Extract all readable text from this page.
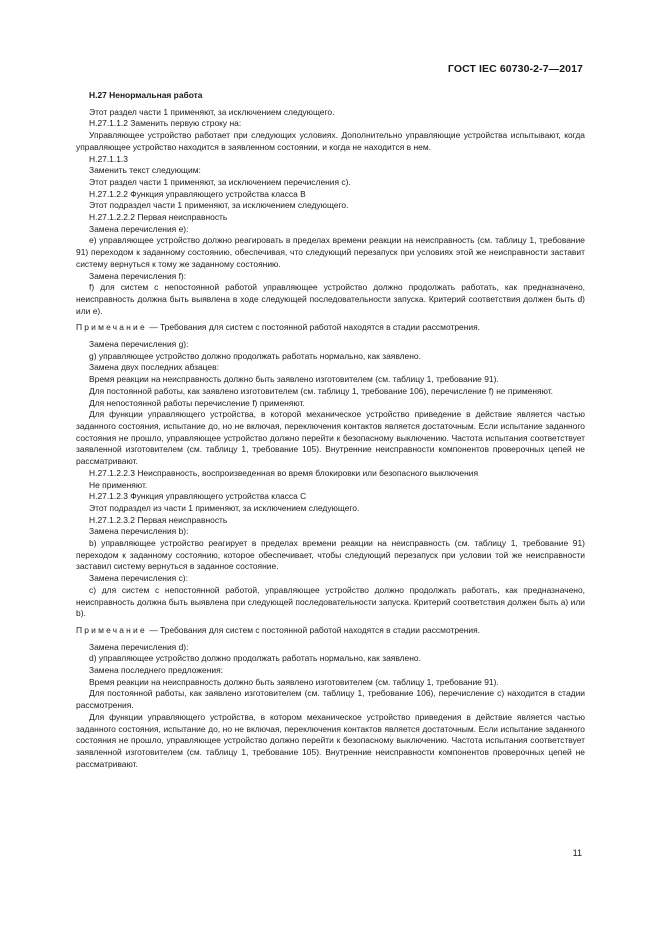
ГОСТ IEC 60730-2-7—2017

H.27 Ненормальная работа

Этот раздел части 1 применяют, за исключением следующего.

H.27.1.1.2 Заменить первую строку на:

Управляющее устройство работает при следующих условиях. Дополнительно управляющие устройства испытывают, когда управляющее устройство находится в заявленном состоянии, и когда не находится в нем.

H.27.1.1.3

Заменить текст следующим:

Этот раздел части 1 применяют, за исключением перечисления c).

H.27.1.2.2 Функция управляющего устройства класса B

Этот подраздел части 1 применяют, за исключением следующего.

H.27.1.2.2.2 Первая неисправность

Замена перечисления e):

e) управляющее устройство должно реагировать в пределах времени реакции на неисправность (см. таблицу 1, требование 91) переходом к заданному состоянию, обеспечивая, что следующий перезапуск при условиях этой же неисправности заставит систему вернуться к тому же заданному состоянию.

Замена перечисления f):

f) для систем с непостоянной работой управляющее устройство должно продолжать работать, как предназначено, неисправность должна быть выявлена в ходе следующей последовательности запуска. Критерий соответствия должен быть d) или e).

Примечание — Требования для систем с постоянной работой находятся в стадии рассмотрения.

Замена перечисления g):

g) управляющее устройство должно продолжать работать нормально, как заявлено.

Замена двух последних абзацев:

Время реакции на неисправность должно быть заявлено изготовителем (см. таблицу 1, требование 91).

Для постоянной работы, как заявлено изготовителем (см. таблицу 1, требование 106), перечисление f) не применяют.

Для непостоянной работы перечисление f) применяют.

Для функции управляющего устройства, в которой механическое устройство приведение в действие является частью заданного состояния, испытание до, но не включая, переключения контактов является достаточным. Если испытание заданного состояния не прошло, управляющее устройство должно перейти к безопасному выключению. Частота испытания соответствует заявленной изготовителем (см. таблицу 1, требование 105). Внутренние неисправности компонентов проверочных цепей не рассматривают.

H.27.1.2.2.3 Неисправность, воспроизведенная во время блокировки или безопасного выключения

Не применяют.

H.27.1.2.3 Функция управляющего устройства класса C

Этот подраздел из части 1 применяют, за исключением следующего.

H.27.1.2.3.2 Первая неисправность

Замена перечисления b):

b) управляющее устройство реагирует в пределах времени реакции на неисправность (см. таблицу 1, требование 91) переходом к заданному состоянию, которое обеспечивает, чтобы следующий перезапуск при условии той же неисправности заставил систему вернуться в заданное состояние.

Замена перечисления c):

c) для систем с непостоянной работой, управляющее устройство должно продолжать работать, как предназначено, неисправность должна быть выявлена при следующей последовательности запуска. Критерий соответствия должен быть a) или b).

Примечание — Требования для систем с постоянной работой находятся в стадии рассмотрения.

Замена перечисления d):

d) управляющее устройство должно продолжать работать нормально, как заявлено.

Замена последнего предложения:

Время реакции на неисправность должно быть заявлено изготовителем (см. таблицу 1, требование 91).

Для постоянной работы, как заявлено изготовителем (см. таблицу 1, требование 106), перечисление c) находится в стадии рассмотрения.

Для функции управляющего устройства, в котором механическое устройство приведения в действие является частью заданного состояния, испытание до, но не включая, переключения контактов является достаточным. Если испытание заданного состояния не прошло, управляющее устройство должно перейти к безопасному выключению. Частота испытания соответствует заявленной изготовителем (см. таблицу 1, требование 105). Внутренние неисправности компонентов проверочных цепей не рассматривают.

11
